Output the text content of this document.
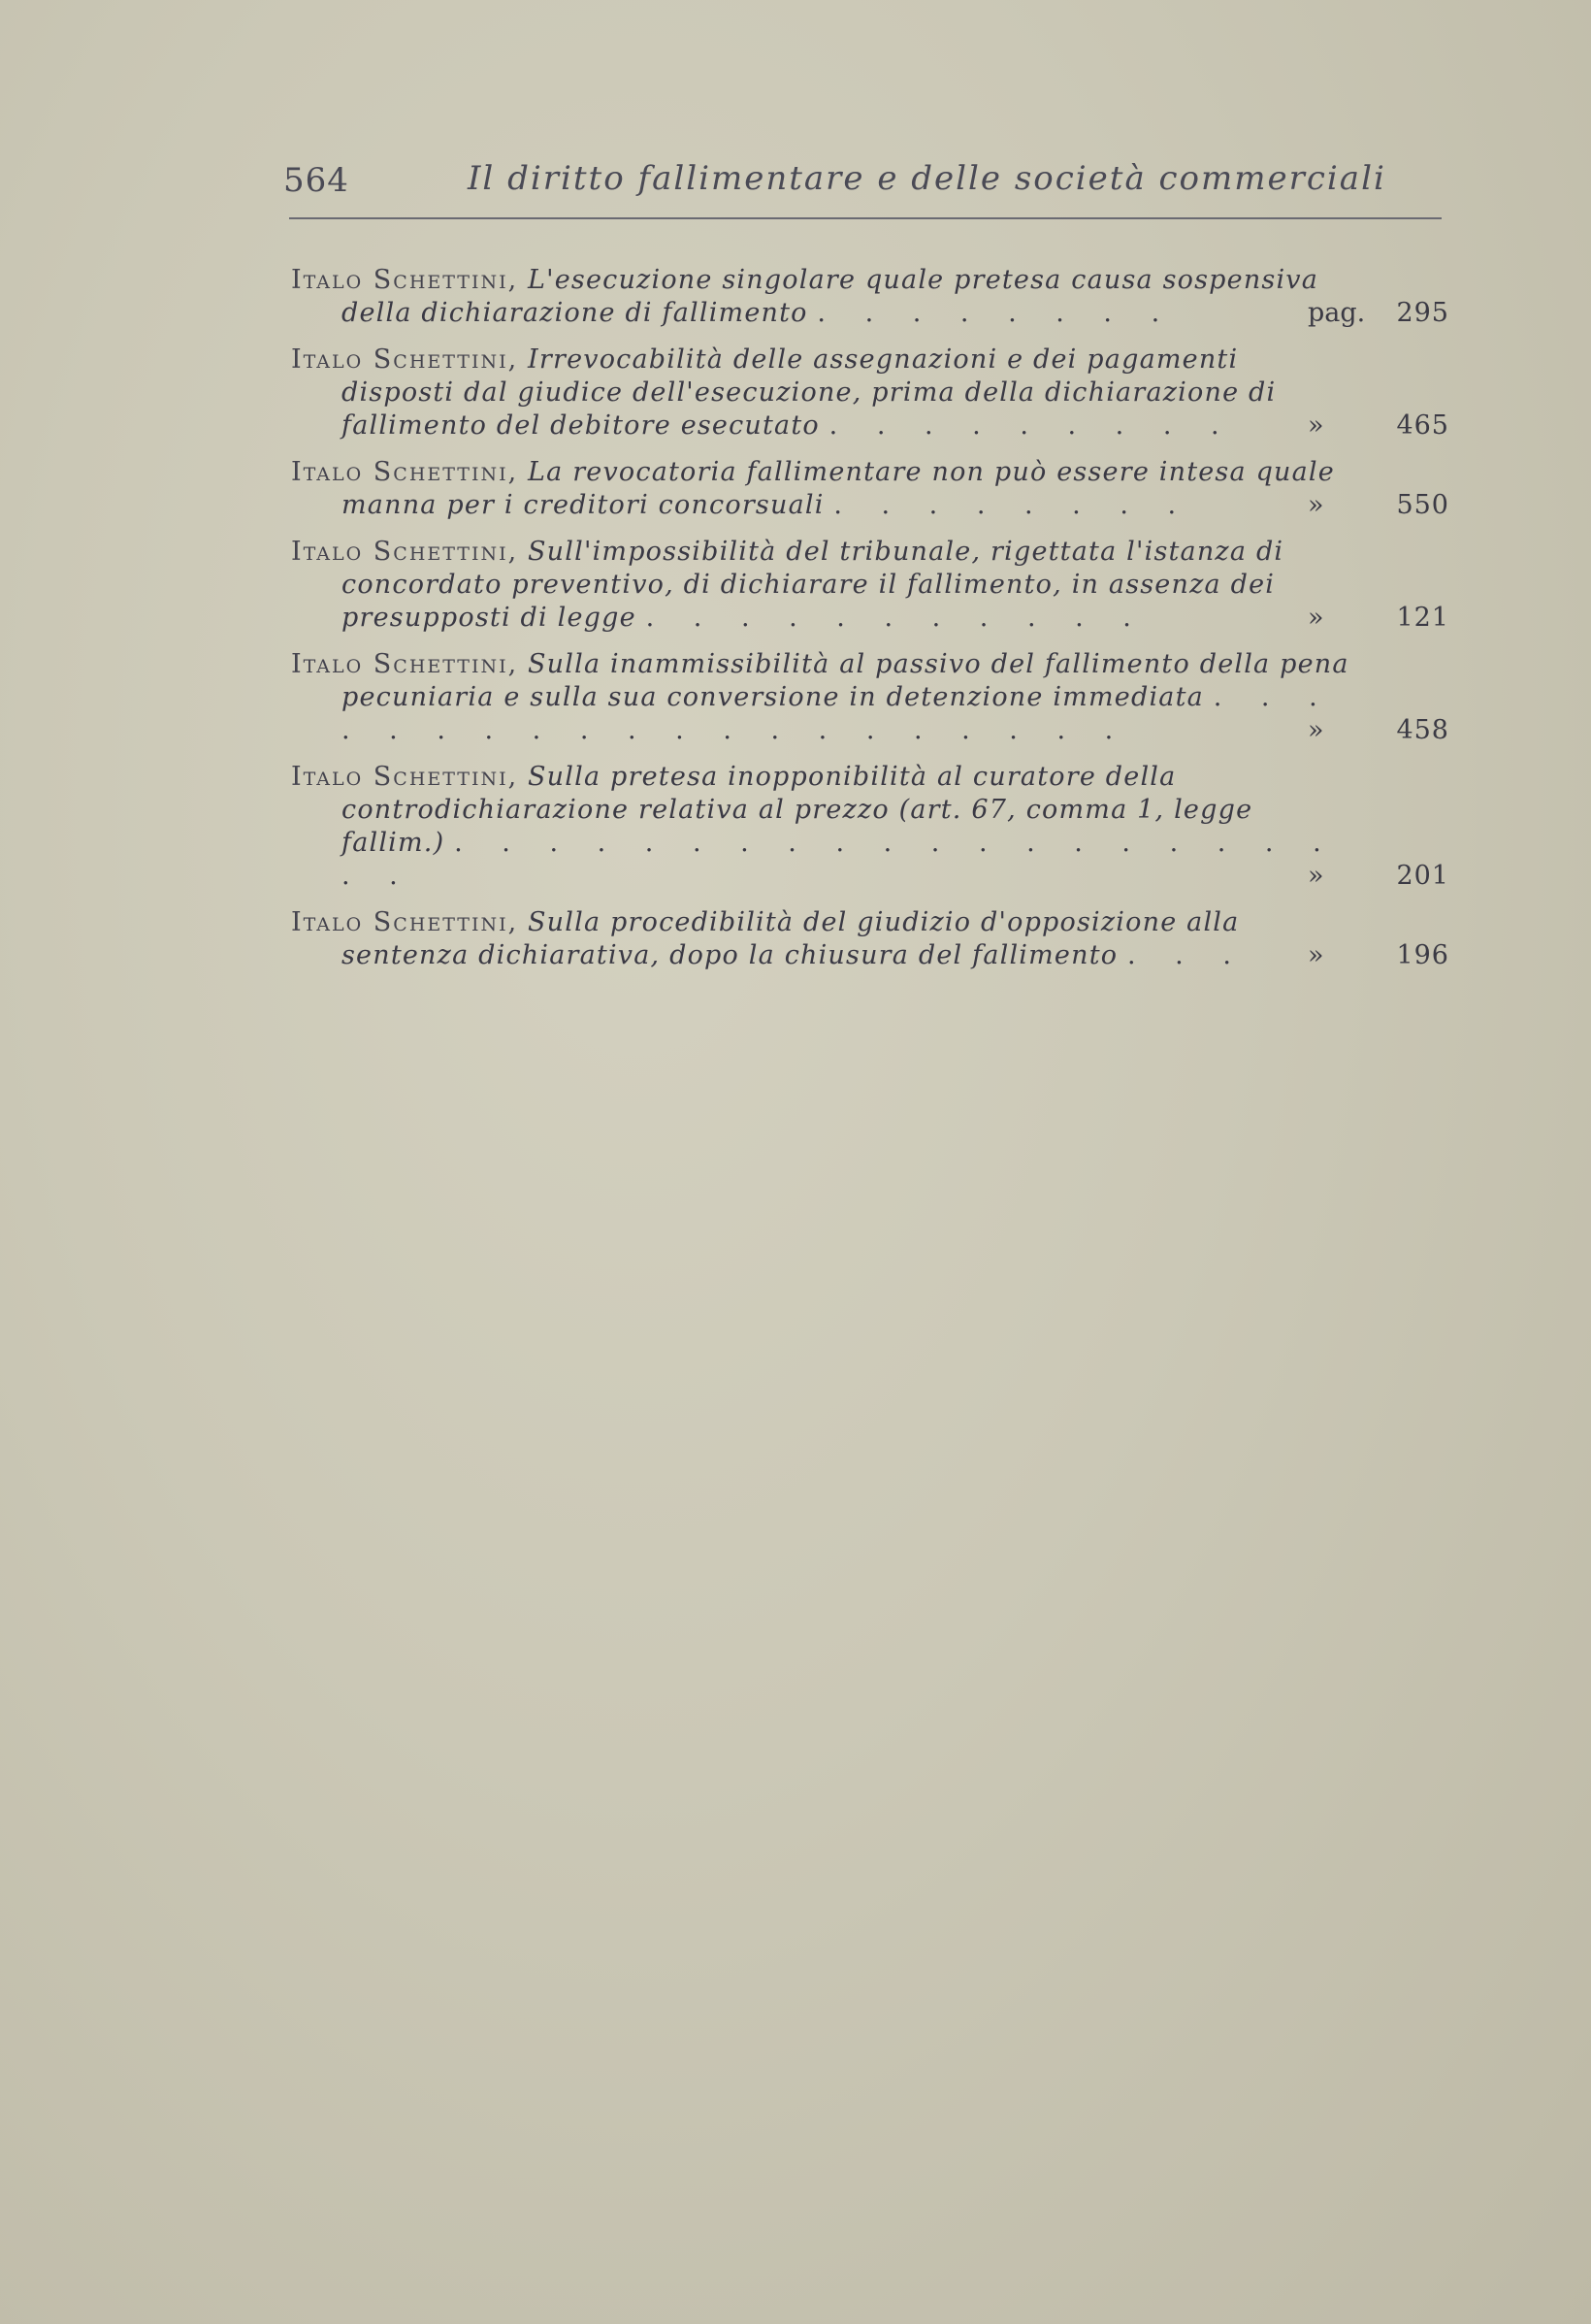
564	Il diritto fallimentare e delle società commerciali
Italo Schettini, L'esecuzione singolare quale pretesa causa sospensiva della dichiarazione di fallimento . . . . . . . .	pag. 295
Italo Schettini, Irrevocabilità delle assegnazioni e dei pagamenti disposti dal giudice dell'esecuzione, prima della dichiarazione di fallimento del debitore esecutato . . . . . . . . .	»	465
Italo Schettini, La revocatoria fallimentare non può essere intesa quale manna per i creditori concorsuali . . . . . . . .	»	550
Italo Schettini, Sull'impossibilità del tribunale, rigettata l'istanza di concordato preventivo, di dichiarare il fallimento, in assenza dei presupposti di legge . . . . . . . . . . .	»	121
Italo Schettini, Sulla inammissibilità al passivo del fallimento della pena pecuniaria e sulla sua conversione in detenzione immediata . . . . . . . . . . . . . . . . . . . .	»	458
Italo Schettini, Sulla pretesa inopponibilità al curatore della controdichiarazione relativa al prezzo (art. 67, comma 1, legge fallim.) . . . . . . . . . . . . . . . . . . . . .	»	201
Italo Schettini, Sulla procedibilità del giudizio d'opposizione alla sentenza dichiarativa, dopo la chiusura del fallimento . . .	»	196
